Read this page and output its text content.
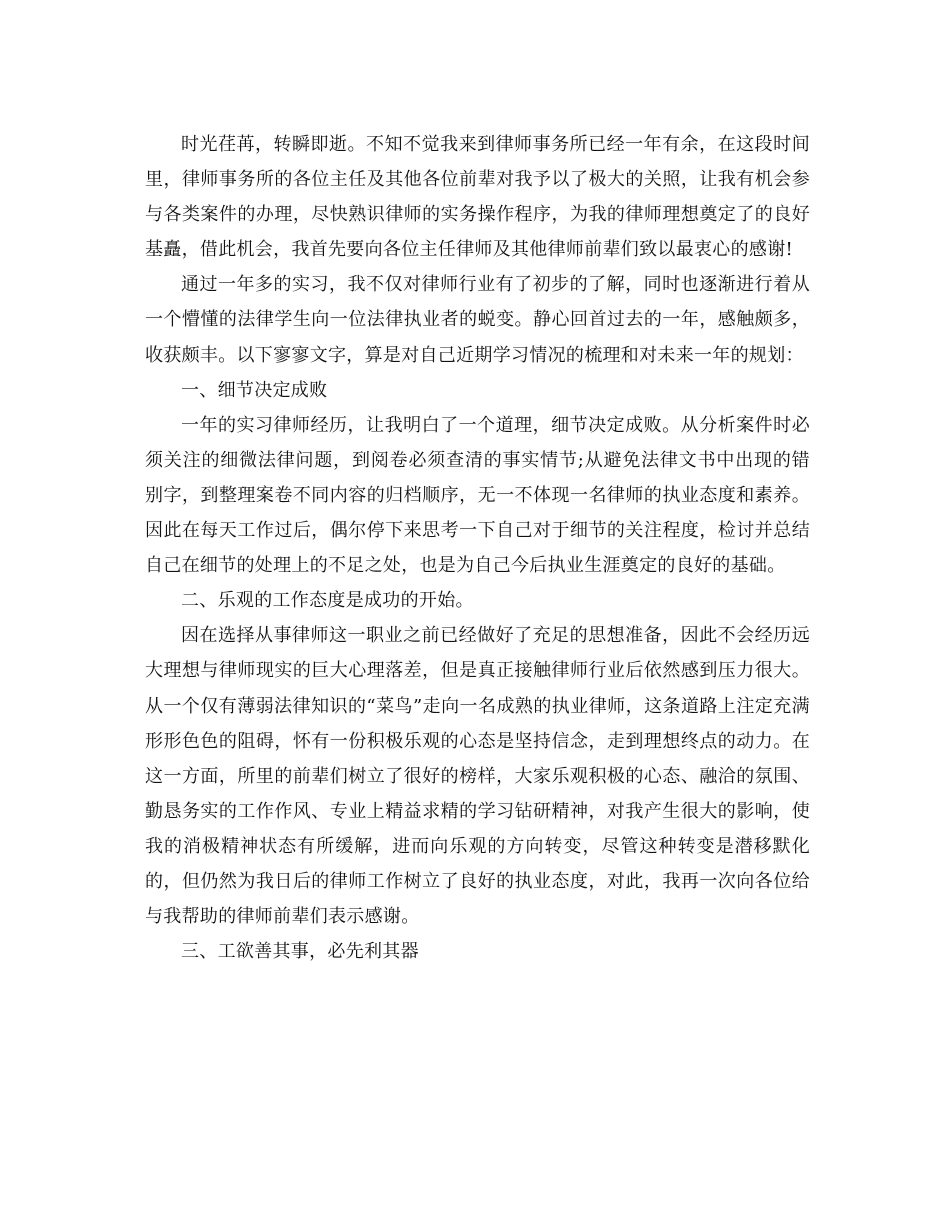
时光荏苒，转瞬即逝。不知不觉我来到律师事务所已经一年有余，在这段时间里，律师事务所的各位主任及其他各位前辈对我予以了极大的关照，让我有机会参与各类案件的办理，尽快熟识律师的实务操作程序，为我的律师理想奠定了的良好基矗，借此机会，我首先要向各位主任律师及其他律师前辈们致以最衷心的感谢!

通过一年多的实习，我不仅对律师行业有了初步的了解，同时也逐渐进行着从一个懵懂的法律学生向一位法律执业者的蜕变。静心回首过去的一年，感触颇多，收获颇丰。以下寥寥文字，算是对自己近期学习情况的梳理和对未来一年的规划：

一、细节决定成败

一年的实习律师经历，让我明白了一个道理，细节决定成败。从分析案件时必须关注的细微法律问题，到阅卷必须查清的事实情节;从避免法律文书中出现的错别字，到整理案卷不同内容的归档顺序，无一不体现一名律师的执业态度和素养。因此在每天工作过后，偶尔停下来思考一下自己对于细节的关注程度，检讨并总结自己在细节的处理上的不足之处，也是为自己今后执业生涯奠定的良好的基础。

二、乐观的工作态度是成功的开始。

因在选择从事律师这一职业之前已经做好了充足的思想准备，因此不会经历远大理想与律师现实的巨大心理落差，但是真正接触律师行业后依然感到压力很大。从一个仅有薄弱法律知识的“菜鸟”走向一名成熟的执业律师，这条道路上注定充满形形色色的阻碍，怀有一份积极乐观的心态是坚持信念，走到理想终点的动力。在这一方面，所里的前辈们树立了很好的榜样，大家乐观积极的心态、融洽的氛围、勤恳务实的工作作风、专业上精益求精的学习钻研精神，对我产生很大的影响，使我的消极精神状态有所缓解，进而向乐观的方向转变，尽管这种转变是潜移默化的，但仍然为我日后的律师工作树立了良好的执业态度，对此，我再一次向各位给与我帮助的律师前辈们表示感谢。

三、工欲善其事，必先利其器
